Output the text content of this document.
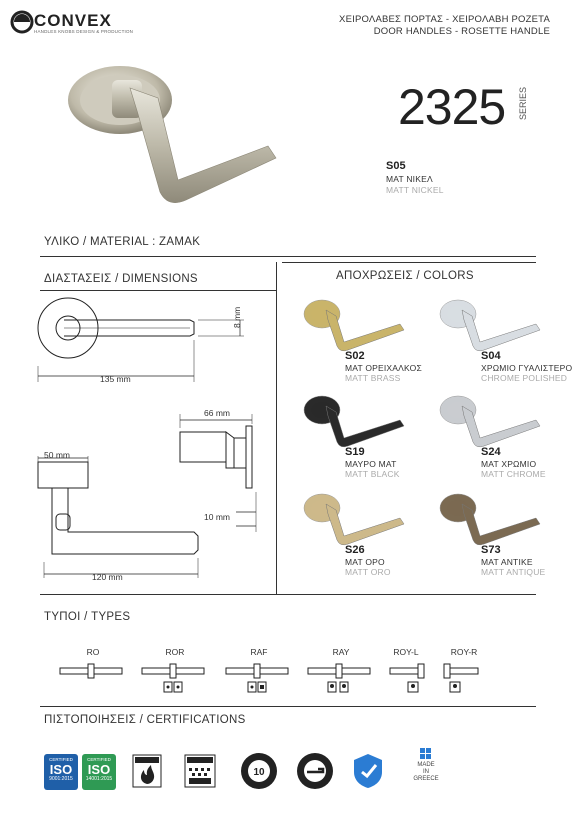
CONVEX
HANDLES KNOBS DESIGN & PRODUCTION
ΧΕΙΡΟΛΑΒΕΣ ΠΟΡΤΑΣ - ΧΕΙΡΟΛΑΒΗ ΡΟΖΕΤΑ
DOOR HANDLES - ROSETTE HANDLE
2325 SERIES
S05
ΜΑΤ ΝΙΚΕΛ
MATT NICKEL
ΥΛΙΚΟ / MATERIAL : ZAMAK
ΔΙΑΣΤΑΣΕΙΣ / DIMENSIONS
8 mm
135 mm
66 mm
50 mm
10 mm
120 mm
ΑΠΟΧΡΩΣΕΙΣ / COLORS
S02
ΜΑΤ ΟΡΕΙΧΑΛΚΟΣ
MATT BRASS
S04
ΧΡΩΜΙΟ ΓΥΑΛΙΣΤΕΡΟ
CHROME POLISHED
S19
ΜΑΥΡΟ ΜΑΤ
MATT BLACK
S24
ΜΑΤ ΧΡΩΜΙΟ
MATT CHROME
S26
ΜΑΤ ΟΡΟ
MATT ORO
S73
ΜΑΤ ΑΝΤΙΚΕ
MATT ANTIQUE
ΤΥΠΟΙ / TYPES
RO	ROR	RAF	RAY	ROY-L	ROY-R
ΠΙΣΤΟΠΟΙΗΣΕΙΣ / CERTIFICATIONS
CERTIFIED
ISO
9001:2015
CERTIFIED
ISO
14001:2015
10
MADE
IN
GREECE
